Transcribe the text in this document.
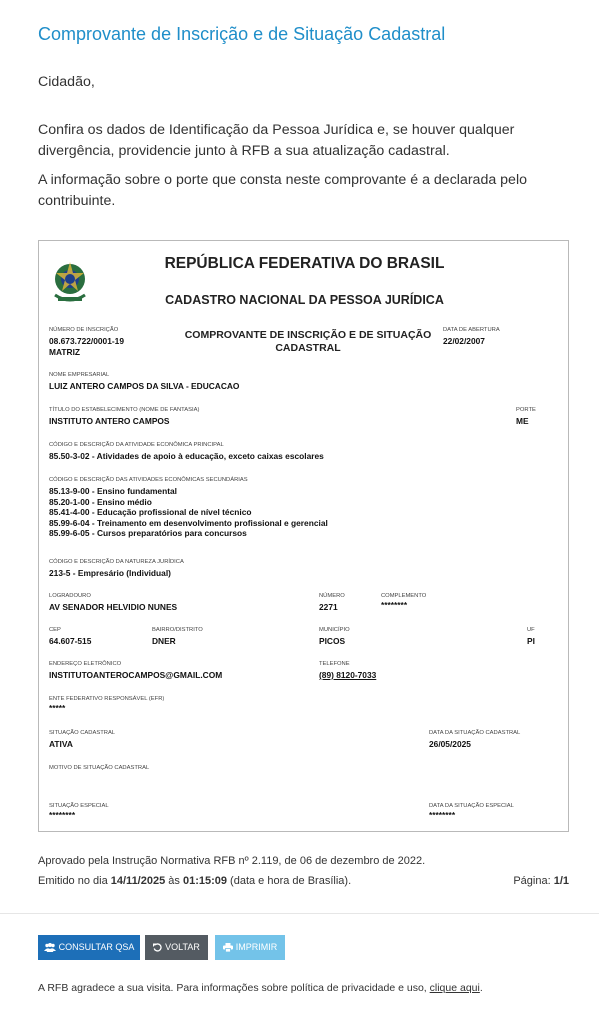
Comprovante de Inscrição e de Situação Cadastral
Cidadão,
Confira os dados de Identificação da Pessoa Jurídica e, se houver qualquer divergência, providencie junto à RFB a sua atualização cadastral.
A informação sobre o porte que consta neste comprovante é a declarada pelo contribuinte.
REPÚBLICA FEDERATIVA DO BRASIL
CADASTRO NACIONAL DA PESSOA JURÍDICA
NÚMERO DE INSCRIÇÃO
08.673.722/0001-19
MATRIZ
COMPROVANTE DE INSCRIÇÃO E DE SITUAÇÃO CADASTRAL
DATA DE ABERTURA
22/02/2007
NOME EMPRESARIAL
LUIZ ANTERO CAMPOS DA SILVA - EDUCACAO
TÍTULO DO ESTABELECIMENTO (NOME DE FANTASIA)
INSTITUTO ANTERO CAMPOS
PORTE
ME
CÓDIGO E DESCRIÇÃO DA ATIVIDADE ECONÔMICA PRINCIPAL
85.50-3-02 - Atividades de apoio à educação, exceto caixas escolares
CÓDIGO E DESCRIÇÃO DAS ATIVIDADES ECONÔMICAS SECUNDÁRIAS
85.13-9-00 - Ensino fundamental
85.20-1-00 - Ensino médio
85.41-4-00 - Educação profissional de nível técnico
85.99-6-04 - Treinamento em desenvolvimento profissional e gerencial
85.99-6-05 - Cursos preparatórios para concursos
CÓDIGO E DESCRIÇÃO DA NATUREZA JURÍDICA
213-5 - Empresário (Individual)
LOGRADOURO
AV SENADOR HELVIDIO NUNES
NÚMERO
2271
COMPLEMENTO
********
CEP
64.607-515
BAIRRO/DISTRITO
DNER
MUNICÍPIO
PICOS
UF
PI
ENDEREÇO ELETRÔNICO
INSTITUTOANTEROCAMPOS@GMAIL.COM
TELEFONE
(89) 8120-7033
ENTE FEDERATIVO RESPONSÁVEL (EFR)
*****
SITUAÇÃO CADASTRAL
ATIVA
DATA DA SITUAÇÃO CADASTRAL
26/05/2025
MOTIVO DE SITUAÇÃO CADASTRAL
SITUAÇÃO ESPECIAL
********
DATA DA SITUAÇÃO ESPECIAL
********
Aprovado pela Instrução Normativa RFB nº 2.119, de 06 de dezembro de 2022.
Emitido no dia 14/11/2025 às 01:15:09 (data e hora de Brasília).	Página: 1/1
CONSULTAR QSA	VOLTAR	IMPRIMIR
A RFB agradece a sua visita. Para informações sobre política de privacidade e uso, clique aqui.
